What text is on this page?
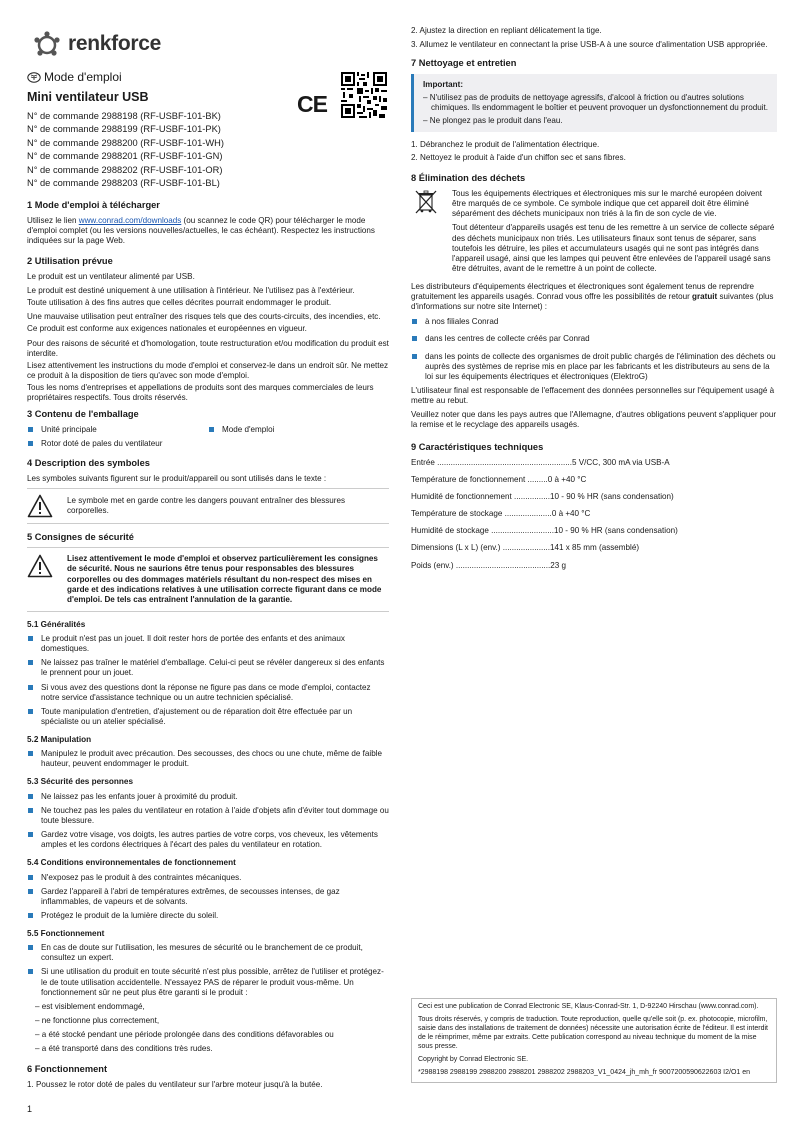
renkforce
CE
Mode d'emploi
Mini ventilateur USB
N° de commande 2988198 (RF-USBF-101-BK)
N° de commande 2988199 (RF-USBF-101-PK)
N° de commande 2988200 (RF-USBF-101-WH)
N° de commande 2988201 (RF-USBF-101-GN)
N° de commande 2988202 (RF-USBF-101-OR)
N° de commande 2988203 (RF-USBF-101-BL)
1 Mode d'emploi à télécharger

Utilisez le lien www.conrad.com/downloads (ou scannez le code QR) pour télécharger le mode d'emploi complet (ou les versions nouvelles/actuelles, le cas échéant). Respectez les instructions indiquées sur la page Web.

2 Utilisation prévue

Le produit est un ventilateur alimenté par USB.

Le produit est destiné uniquement à une utilisation à l'intérieur. Ne l'utilisez pas à l'extérieur.

Toute utilisation à des fins autres que celles décrites pourrait endommager le produit.

Une mauvaise utilisation peut entraîner des risques tels que des courts-circuits, des incendies, etc.

Ce produit est conforme aux exigences nationales et européennes en vigueur.

Pour des raisons de sécurité et d'homologation, toute restructuration et/ou modification du produit est interdite.

Lisez attentivement les instructions du mode d'emploi et conservez-le dans un endroit sûr. Ne mettez ce produit à la disposition de tiers qu'avec son mode d'emploi.

Tous les noms d'entreprises et appellations de produits sont des marques commerciales de leurs propriétaires respectifs. Tous droits réservés.

3 Contenu de l'emballage
Unité principale	Mode d'emploi
Rotor doté de pales du ventilateur
4 Description des symboles

Les symboles suivants figurent sur le produit/appareil ou sont utilisés dans le texte :

Le symbole met en garde contre les dangers pouvant entraîner des blessures corporelles.
5 Consignes de sécurité
Lisez attentivement le mode d'emploi et observez particulièrement les consignes de sécurité. Nous ne saurions être tenus pour responsables des blessures corporelles ou des dommages matériels résultant du non-respect des mises en garde et des indications relatives à une utilisation correcte figurant dans ce mode d'emploi. De tels cas entraînent l'annulation de la garantie.
5.1 Généralités
Le produit n'est pas un jouet. Il doit rester hors de portée des enfants et des animaux domestiques.
Ne laissez pas traîner le matériel d'emballage. Celui-ci peut se révéler dangereux si des enfants le prennent pour un jouet.
Si vous avez des questions dont la réponse ne figure pas dans ce mode d'emploi, contactez notre service d'assistance technique ou un autre technicien spécialisé.
Toute manipulation d'entretien, d'ajustement ou de réparation doit être effectuée par un spécialiste ou un atelier spécialisé.
5.2 Manipulation
Manipulez le produit avec précaution. Des secousses, des chocs ou une chute, même de faible hauteur, peuvent endommager le produit.
5.3 Sécurité des personnes
Ne laissez pas les enfants jouer à proximité du produit.
Ne touchez pas les pales du ventilateur en rotation à l'aide d'objets afin d'éviter tout dommage ou toute blessure.
Gardez votre visage, vos doigts, les autres parties de votre corps, vos cheveux, les vêtements amples et les cordons électriques à l'écart des pales du ventilateur en rotation.
5.4 Conditions environnementales de fonctionnement
N'exposez pas le produit à des contraintes mécaniques.
Gardez l'appareil à l'abri de températures extrêmes, de secousses intenses, de gaz inflammables, de vapeurs et de solvants.
Protégez le produit de la lumière directe du soleil.
5.5 Fonctionnement
En cas de doute sur l'utilisation, les mesures de sécurité ou le branchement de ce produit, consultez un expert.
Si une utilisation du produit en toute sécurité n'est plus possible, arrêtez de l'utiliser et protégez-le de toute utilisation accidentelle. N'essayez PAS de réparer le produit vous-même. Un fonctionnement sûr ne peut plus être garanti si le produit :
– est visiblement endommagé,
– ne fonctionne plus correctement,
– a été stocké pendant une période prolongée dans des conditions défavorables ou
– a été transporté dans des conditions très rudes.
6 Fonctionnement

1. Poussez le rotor doté de pales du ventilateur sur l'arbre moteur jusqu'à la butée.

2. Ajustez la direction en repliant délicatement la tige.

3. Allumez le ventilateur en connectant la prise USB-A à une source d'alimentation USB appropriée.

7 Nettoyage et entretien
Important:
– N'utilisez pas de produits de nettoyage agressifs, d'alcool à friction ou d'autres solutions chimiques. Ils endommagent le boîtier et peuvent provoquer un dysfonctionnement du produit.
– Ne plongez pas le produit dans l'eau.

1. Débranchez le produit de l'alimentation électrique.

2. Nettoyez le produit à l'aide d'un chiffon sec et sans fibres.

8 Élimination des déchets

Tous les équipements électriques et électroniques mis sur le marché européen doivent être marqués de ce symbole. Ce symbole indique que cet appareil doit être éliminé séparément des déchets municipaux non triés à la fin de son cycle de vie.

Tout détenteur d'appareils usagés est tenu de les remettre à un service de collecte séparé des déchets municipaux non triés. Les utilisateurs finaux sont tenus de séparer, sans toutefois les détruire, les piles et accumulateurs usagés qui ne sont pas intégrés dans l'appareil usagé, ainsi que les lampes qui peuvent être enlevées de l'appareil usagé sans être détruites, avant de le remettre à un point de collecte.

Les distributeurs d'équipements électriques et électroniques sont également tenus de reprendre gratuitement les appareils usagés. Conrad vous offre les possibilités de retour gratuit suivantes (plus d'informations sur notre site Internet) :

à nos filiales Conrad
dans les centres de collecte créés par Conrad
dans les points de collecte des organismes de droit public chargés de l'élimination des déchets ou auprès des systèmes de reprise mis en place par les fabricants et les distributeurs au sens de la loi sur les équipements électriques et électroniques (ElektroG)

L'utilisateur final est responsable de l'effacement des données personnelles sur l'équipement usagé à mettre au rebut.

Veuillez noter que dans les pays autres que l'Allemagne, d'autres obligations peuvent s'appliquer pour la remise et le recyclage des appareils usagés.

9 Caractéristiques techniques
Entrée ............................................................ 5 V/CC, 300 mA via USB-A
Température de fonctionnement ......... 0 à +40 °C
Humidité de fonctionnement ................ 10 - 90 % HR (sans condensation)
Température de stockage ..................... 0 à +40 °C
Humidité de stockage ............................ 10 - 90 % HR (sans condensation)
Dimensions (L x L) (env.) ..................... 141 x 85 mm (assemblé)
Poids (env.) .......................................... 23 g

Ceci est une publication de Conrad Electronic SE, Klaus-Conrad-Str. 1, D-92240 Hirschau (www.conrad.com).

Tous droits réservés, y compris de traduction. Toute reproduction, quelle qu'elle soit (p. ex. photocopie, microfilm, saisie dans des installations de traitement de données) nécessite une autorisation écrite de l'éditeur. Il est interdit de le réimprimer, même par extraits. Cette publication correspond au niveau technique du moment de la mise sous presse.

Copyright by Conrad Electronic SE.

*2988198 2988199 2988200 2988201 2988202 2988203_V1_0424_jh_mh_fr 9007200590622603 I2/O1 en

1
